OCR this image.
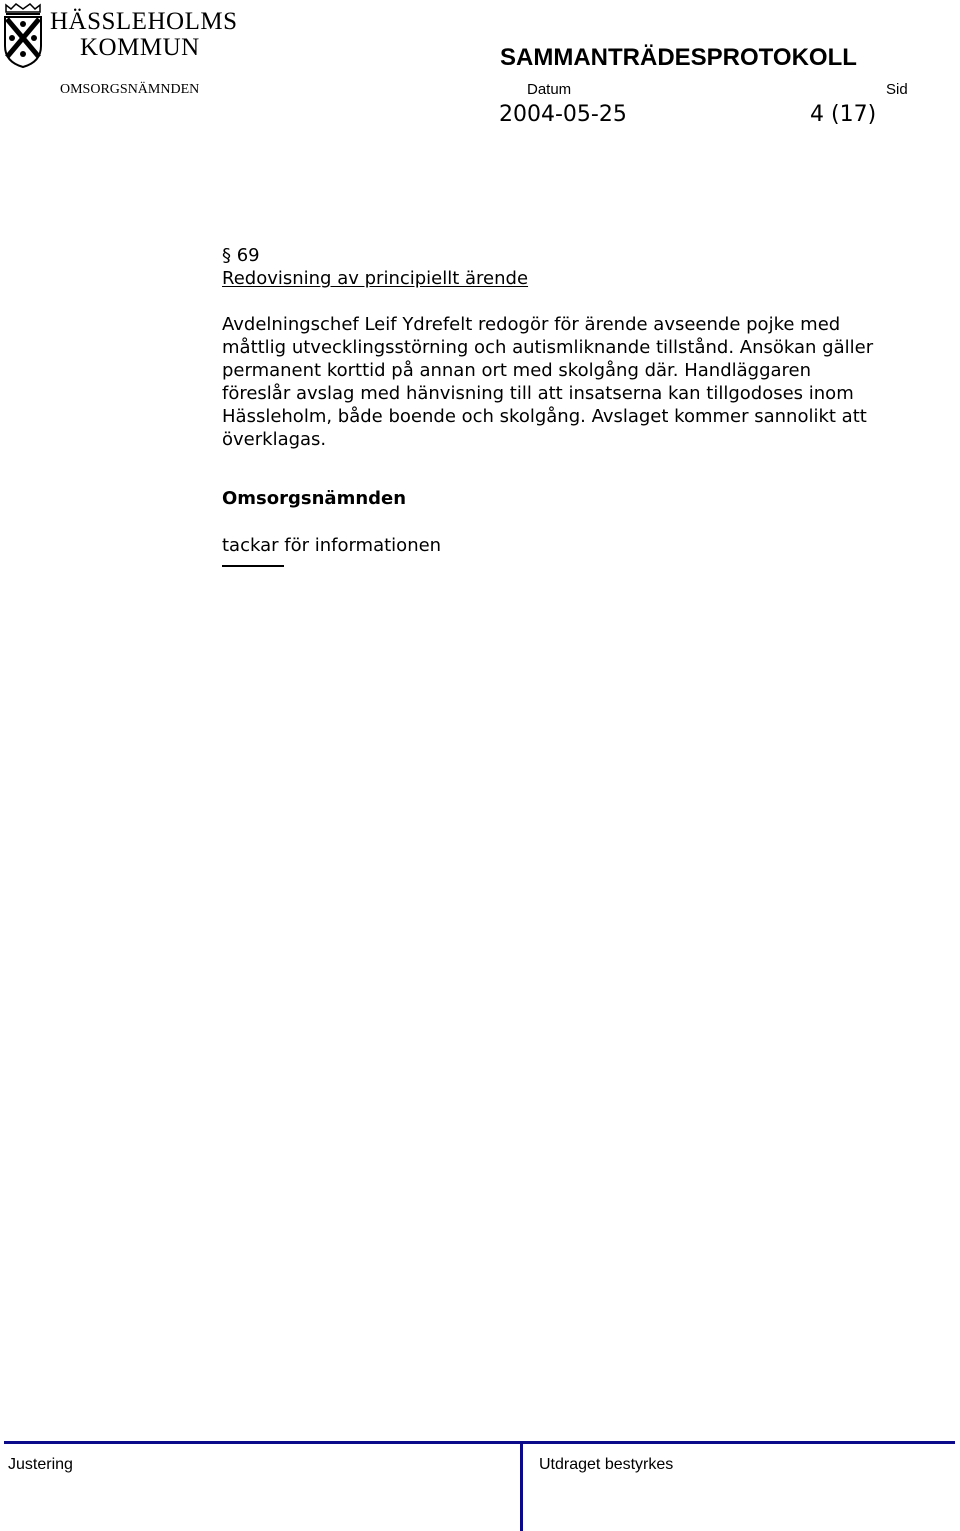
HÄSSLEHOLMS
KOMMUN	SAMMANTRÄDESPROTOKOLL
OMSORGSNÄMNDEN	Datum	Sid
2004-05-25	4 (17)

§ 69

Redovisning av principiellt ärende

Avdelningschef Leif Ydrefelt redogör för ärende avseende pojke med
måttlig utvecklingsstörning och autismliknande tillstånd. Ansökan gäller
permanent korttid på annan ort med skolgång där. Handläggaren
föreslår avslag med hänvisning till att insatserna kan tillgodoses inom
Hässleholm, både boende och skolgång. Avslaget kommer sannolikt att
överklagas.

Omsorgsnämnden

tackar för informationen

Justering	Utdraget bestyrkes
